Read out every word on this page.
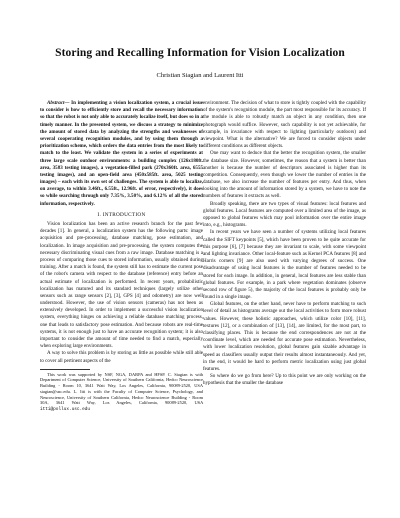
Storing and Recalling Information for Vision Localization
Christian Siagian and Laurent Itti

Abstract— In implementing a vision localization system, a crucial issue to consider is how to efficiently store and recall the necessary information so that the robot is not only able to accurately localize itself, but does so in a timely manner. In the presented system, we discuss a strategy to minimize the amount of stored data by analyzing the strengths and weaknesses of several cooperating recognition modules, and by using them through a prioritization scheme, which orders the data entries from the most likely to match to the least. We validate the system in a series of experiments at three large scale outdoor environments: a building complex (126x180ft. area, 3583 testing images), a vegetation-filled park (270x360ft. area, 6555 testing images), and an open-field area (450x585ft. area, 5025 testing images) – each with its own set of challenges. The system is able to localize, on average, to within 3.46ft., 6.55ft., 12.96ft. of error, respectively), it does so while searching through only 7.35%, 3.50%, and 6.12% of all the stored information, respectively.

I. INTRODUCTION

Vision localization has been an active research branch for the past few decades [1]. In general, a localization system has the following parts: image acquisition and pre-processing, database matching, pose estimation, and localization. In image acquisition and pre-processing, the system computes the necessary discriminating visual cues from a raw image. Database matching is a process of comparing those cues to stored information, usually obtained during training. After a match is found, the system still has to estimate the current pose of the robot's camera with respect to the database (reference) entry before an actual estimate of localization is performed. In recent years, probabilistic localization has matured and its standard techniques (largely utilize other sensors such as range sensors [2], [3], GPS [4] and odometry) are now well understood. However, the use of vision sensors (cameras) has not been as extensively developed. In order to implement a successful vision localization system, everything hinges on achieving a reliable database matching process, one that leads to satisfactory pose estimation. And because robots are real-time systems, it is not enough just to have an accurate recognition system; it is also important to consider the amount of time needed to find a match, especially when exploring large environments.

A way to solve this problem is by storing as little as possible while still able to cover all pertinent aspects of the

This work was supported by NSF, NGA, DARPA and HFSP. C. Siagian is with Department of Computer Science, University of Southern California, Hedco Neuroscience Building - Room 10, 3641 Watt Way, Los Angeles, California, 90089-2520, USA siagian@usc.edu. L. Itti is with the Faculty of Computer Science, Psychology, and Neuroscience, University of Southern California, Hedco Neuroscience Building - Room 30A, 3641 Watt Way, Los Angeles, California, 90089-2520, USA itti@pollux.usc.edu

environment. The decision of what to store is tightly coupled with the capability of the system's recognition module, the part most responsible for its accuracy. If the module is able to robustly match an object in any condition, then one photograph would suffice. However, such capability is not yet achievable, for example, in invariance with respect to lighting (particularly outdoors) and viewpoint. What is the alternative? We are forced to consider objects under different conditions as different objects.

One may want to deduce that the better the recognition system, the smaller the database size. However, sometimes, the reason that a system is better than another is because the number of descriptors associated is higher than its competition. Consequently, even though we lower the number of entries in the database, we also increase the number of features per entry. And thus, when looking into the amount of information stored by a system, we have to note the numbers of features it extracts as well.

Broadly speaking, there are two types of visual features: local features and global features. Local features are computed over a limited area of the image, as opposed to global features which may pool information over the entire image into, e.g., histograms.

In recent years we have seen a number of systems utilizing local features called the SIFT keypoints [5], which have been proven to be quite accurate for this purpose [6], [7] because they are invariant to scale, with some viewpoint and lighting invariance. Other local-feature such as Kernel PCA features [8] and Harris corners [9] are also used with varying degrees of success. One disadvantage of using local features is the number of features needed to be stored for each image. In addition, in general, local features are less stable than global features. For example, in a park where vegetation dominates (observe second row of figure 5), the majority of the local features is probably only be found in a single image.

Global features, on the other hand, never have to perform matching to such level of detail as histograms average out the local activities to form more robust values. However, these holistic approaches, which utilize color [10], [11], textures [12], or a combination of [13], [14], are limited, for the most part, to classifying places. This is because the end correspondences are not at the coordinate level, which are needed for accurate pose estimation. Nevertheless, with lower localization resolution, global features gain sizable advantage in speed as classifiers usually output their results almost instantaneously. And yet, in the end, it would be hard to perform metric localization using just global features.

So where do we go from here? Up to this point we are only working on the hypothesis that the smaller the database
